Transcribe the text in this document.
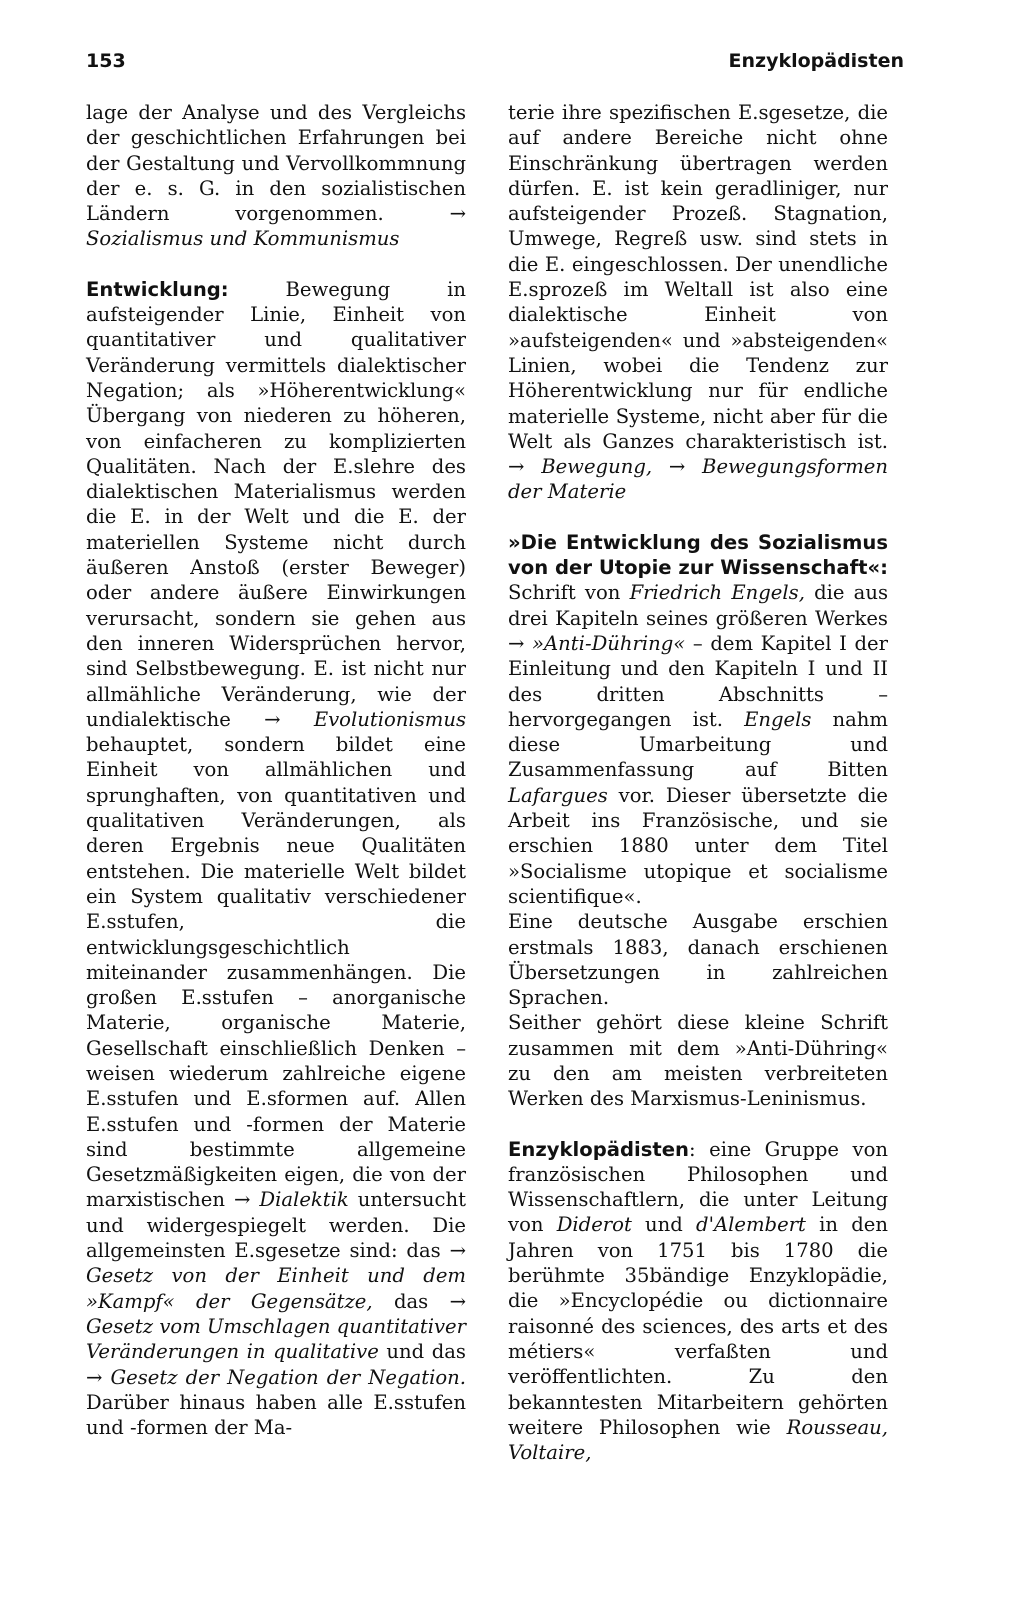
153	Enzyklopädisten

lage der Analyse und des Vergleichs der geschichtlichen Erfahrungen bei der Gestaltung und Vervollkommnung der e. s. G. in den sozialistischen Ländern vorgenommen. → Sozialismus und Kommunismus

Entwicklung: Bewegung in aufsteigender Linie, Einheit von quantitativer und qualitativer Veränderung vermittels dialektischer Negation; als »Höherentwicklung« Übergang von niederen zu höheren, von einfacheren zu komplizierten Qualitäten. Nach der E.slehre des dialektischen Materialismus werden die E. in der Welt und die E. der materiellen Systeme nicht durch äußeren Anstoß (erster Beweger) oder andere äußere Einwirkungen verursacht, sondern sie gehen aus den inneren Widersprüchen hervor, sind Selbstbewegung. E. ist nicht nur allmähliche Veränderung, wie der undialektische → Evolutionismus behauptet, sondern bildet eine Einheit von allmählichen und sprunghaften, von quantitativen und qualitativen Veränderungen, als deren Ergebnis neue Qualitäten entstehen. Die materielle Welt bildet ein System qualitativ verschiedener E.sstufen, die entwicklungsgeschichtlich miteinander zusammenhängen. Die großen E.sstufen – anorganische Materie, organische Materie, Gesellschaft einschließlich Denken – weisen wiederum zahlreiche eigene E.sstufen und E.sformen auf. Allen E.sstufen und -formen der Materie sind bestimmte allgemeine Gesetzmäßigkeiten eigen, die von der marxistischen → Dialektik untersucht und widergespiegelt werden. Die allgemeinsten E.sgesetze sind: das → Gesetz von der Einheit und dem »Kampf« der Gegensätze, das → Gesetz vom Umschlagen quantitativer Veränderungen in qualitative und das → Gesetz der Negation der Negation. Darüber hinaus haben alle E.sstufen und -formen der Ma-

terie ihre spezifischen E.sgesetze, die auf andere Bereiche nicht ohne Einschränkung übertragen werden dürfen. E. ist kein geradliniger, nur aufsteigender Prozeß. Stagnation, Umwege, Regreß usw. sind stets in die E. eingeschlossen. Der unendliche E.sprozeß im Weltall ist also eine dialektische Einheit von »aufsteigenden« und »absteigenden« Linien, wobei die Tendenz zur Höherentwicklung nur für endliche materielle Systeme, nicht aber für die Welt als Ganzes charakteristisch ist. → Bewegung, → Bewegungsformen der Materie

»Die Entwicklung des Sozialismus von der Utopie zur Wissenschaft«: Schrift von Friedrich Engels, die aus drei Kapiteln seines größeren Werkes → »Anti-Dühring« – dem Kapitel I der Einleitung und den Kapiteln I und II des dritten Abschnitts – hervorgegangen ist. Engels nahm diese Umarbeitung und Zusammenfassung auf Bitten Lafargues vor. Dieser übersetzte die Arbeit ins Französische, und sie erschien 1880 unter dem Titel »Socialisme utopique et socialisme scientifique«.

Eine deutsche Ausgabe erschien erstmals 1883, danach erschienen Übersetzungen in zahlreichen Sprachen.

Seither gehört diese kleine Schrift zusammen mit dem »Anti-Dühring« zu den am meisten verbreiteten Werken des Marxismus-Leninismus.

Enzyklopädisten: eine Gruppe von französischen Philosophen und Wissenschaftlern, die unter Leitung von Diderot und d'Alembert in den Jahren von 1751 bis 1780 die berühmte 35bändige Enzyklopädie, die »Encyclopédie ou dictionnaire raisonné des sciences, des arts et des métiers« verfaßten und veröffentlichten. Zu den bekanntesten Mitarbeitern gehörten weitere Philosophen wie Rousseau, Voltaire,
